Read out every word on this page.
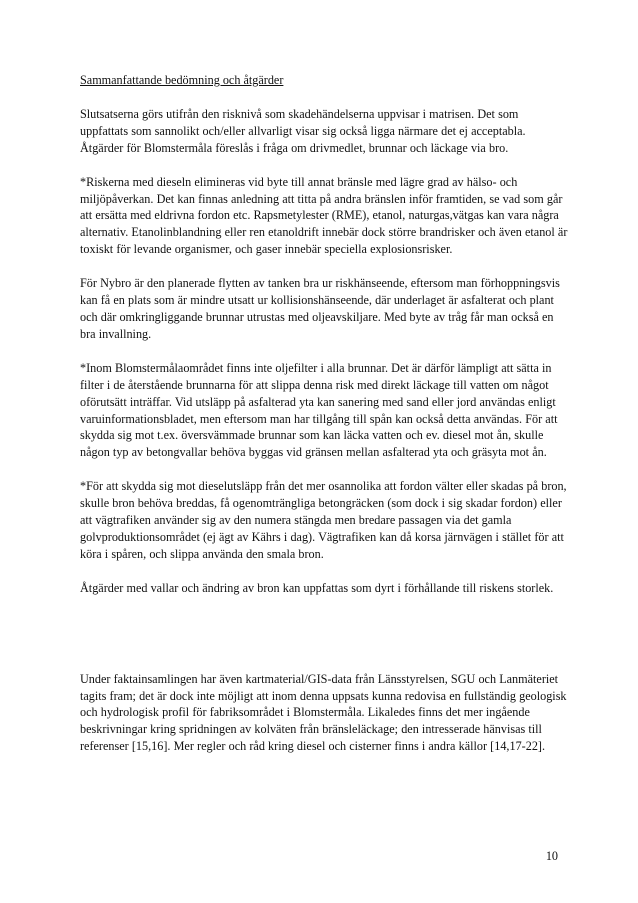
Sammanfattande bedömning och åtgärder

Slutsatserna görs utifrån den risknivå som skadehändelserna uppvisar i matrisen. Det som uppfattats som sannolikt och/eller allvarligt visar sig också ligga närmare det ej acceptabla. Åtgärder för Blomstermåla föreslås i fråga om drivmedlet, brunnar och läckage via bro.

*Riskerna med dieseln elimineras vid byte till annat bränsle med lägre grad av hälso- och miljöpåverkan. Det kan finnas anledning att titta på andra bränslen inför framtiden, se vad som går att ersätta med eldrivna fordon etc. Rapsmetylester (RME), etanol, naturgas,vätgas kan vara några alternativ. Etanolinblandning eller ren etanoldrift innebär dock större brandrisker och även etanol är toxiskt för levande organismer, och gaser innebär speciella explosionsrisker.

För Nybro är den planerade flytten av tanken bra ur riskhänseende, eftersom man förhoppningsvis kan få en plats som är mindre utsatt ur kollisionshänseende, där underlaget är asfalterat och plant och där omkringliggande brunnar utrustas med oljeavskiljare. Med byte av tråg får man också en bra invallning.

*Inom Blomstermålaområdet finns inte oljefilter i alla brunnar. Det är därför lämpligt att sätta in filter i de återstående brunnarna för att slippa denna risk med direkt läckage till vatten om något oförutsätt inträffar. Vid utsläpp på asfalterad yta kan sanering med sand eller jord användas enligt varuinformationsbladet, men eftersom man har tillgång till spån kan också detta användas. För att skydda sig mot t.ex. översvämmade brunnar som kan läcka vatten och ev. diesel mot ån, skulle någon typ av betongvallar behöva byggas vid gränsen mellan asfalterad yta och gräsyta mot ån.

*För att skydda sig mot dieselutsläpp från det mer osannolika att fordon välter eller skadas på bron, skulle bron behöva breddas, få ogenomträngliga betongräcken (som dock i sig skadar fordon) eller att vägtrafiken använder sig av den numera stängda men bredare passagen via det gamla golvproduktionsområdet (ej ägt av Kährs i dag). Vägtrafiken kan då korsa järnvägen i stället för att köra i spåren, och slippa använda den smala bron.

Åtgärder med vallar och ändring av bron kan uppfattas som dyrt i förhållande till riskens storlek.

Under faktainsamlingen har även kartmaterial/GIS-data från Länsstyrelsen, SGU och Lanmäteriet tagits fram; det är dock inte möjligt att inom denna uppsats kunna redovisa en fullständig geologisk och hydrologisk profil för fabriksområdet i Blomstermåla. Likaledes finns det mer ingående beskrivningar kring spridningen av kolväten från bränsleläckage; den intresserade hänvisas till referenser [15,16]. Mer regler och råd kring diesel och cisterner finns i andra källor [14,17-22].

10
